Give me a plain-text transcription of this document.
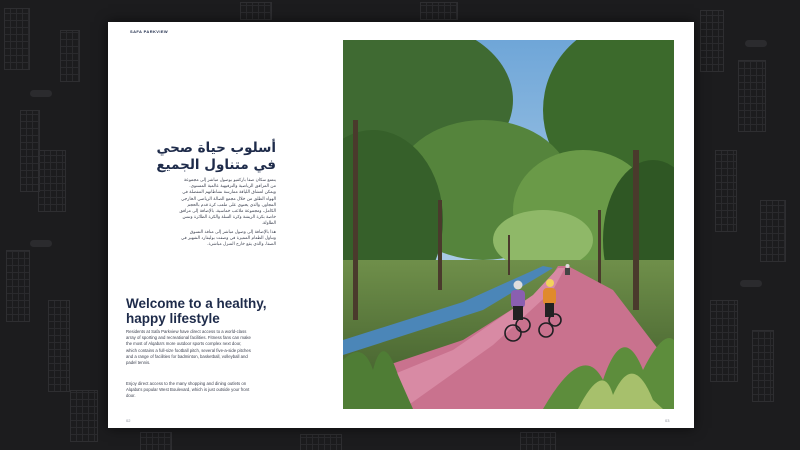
SAFA PARKVIEW
أسلوب حياة صحي في متناول الجميع
يتمتع سكان صفا باركفيو بوصول مباشر إلى مجموعة من المرافق الرياضية والترفيهية عالمية المستوى. ويمكن لعشاق اللياقة ممارسة نشاطاتهم المفضلة في الهواء الطلق من خلال مجمع الصالة الرياضي الخارجي المجاور، والذي يحتوي على ملعب كرة قدم بالحجم الكامل، ومجموعة ملاعب خماسية، بالإضافة إلى مرافق خاصة بكرة الريشة وكرة السلة والكرة الطائرة وتنس الطاولة.
هذا بالإضافة إلى وصول مباشر إلى منافذ التسوق وتناول الطعام المميزة في وصفت بوليفارد الشهير في الصفا، والذي يقع خارج المنزل مباشرة.
Welcome to a healthy, happy lifestyle
Residents at Safa Parkview have direct access to a world-class array of sporting and recreational facilities. Fitness fans can make the most of Alqaba's more outdoor sports complex next door, which contains a full-size football pitch, several five-a-side pitches and a range of facilities for badminton, basketball, volleyball and padel tennis.
Enjoy direct access to the many shopping and dining outlets on Alqaba's popular West Boulevard, which is just outside your front door.
02	03
